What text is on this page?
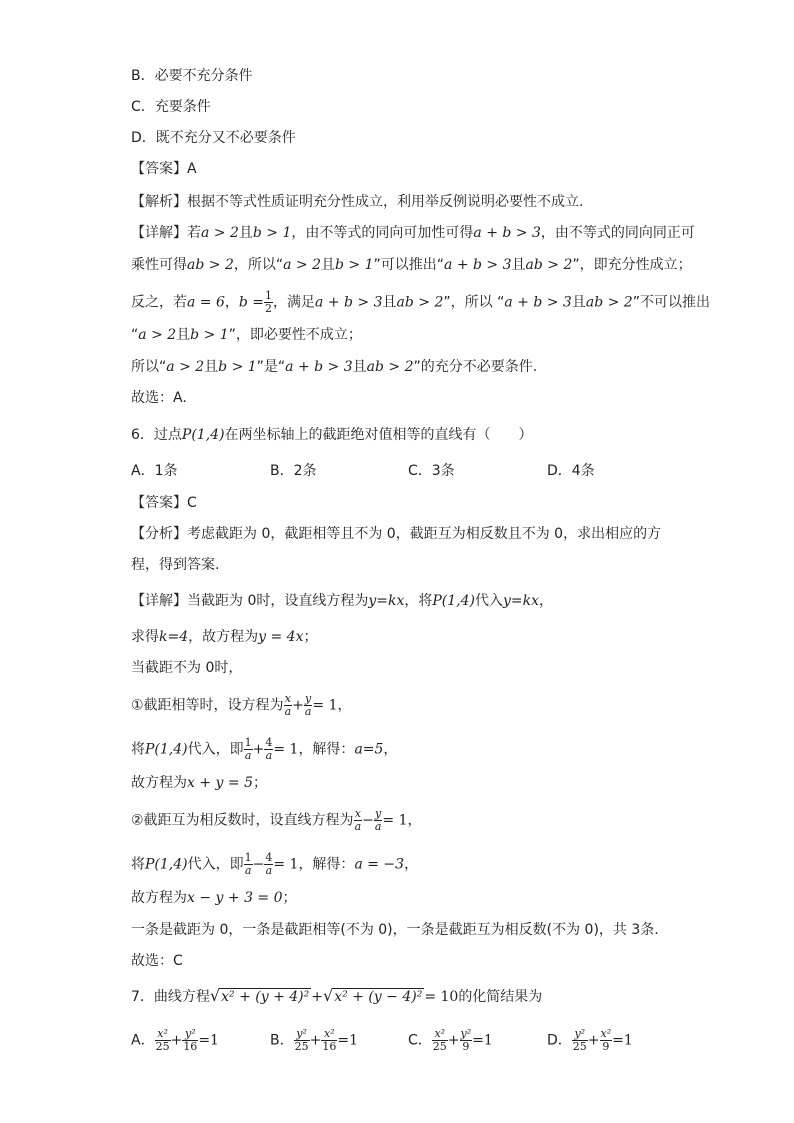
B．必要不充分条件
C．充要条件
D．既不充分又不必要条件
【答案】A
【解析】根据不等式性质证明充分性成立，利用举反例说明必要性不成立.
【详解】若a > 2且b > 1，由不等式的同向可加性可得a + b > 3，由不等式的同向同正可
乘性可得ab > 2，所以“a > 2且b > 1”可以推出“a + b > 3且ab > 2”，即充分性成立；
反之，若a = 6，$b = \frac{1}{2}$ ，满足a + b > 3且ab > 2”，所以 “a + b > 3且ab > 2”不可以推出
“a > 2且b > 1”，即必要性不成立；
所以“a > 2且b > 1”是“a + b > 3且ab > 2”的充分不必要条件.
故选：A.
6．过点P(1,4)在两坐标轴上的截距绝对值相等的直线有（　　）
A．1条	B．2条	C．3条	D．4条
【答案】C
【分析】考虑截距为 0，截距相等且不为 0，截距互为相反数且不为 0，求出相应的方
程，得到答案.
【详解】当截距为 0时，设直线方程为y=kx，将P(1,4)代入y=kx，
求得k=4，故方程为y = 4x；
当截距不为 0时，
①截距相等时，设方程为 $\frac{x}{a} + \frac{y}{a} = 1$，
将P(1,4)代入，即 $\frac{1}{a} + \frac{4}{a} = 1$，解得：a=5，
故方程为x + y = 5；
②截距互为相反数时，设直线方程为 $\frac{x}{a} - \frac{y}{a} = 1$，
将P(1,4)代入，即 $\frac{1}{a} - \frac{4}{a} = 1$，解得：a = −3，
故方程为x − y + 3 = 0；
一条是截距为 0，一条是截距相等(不为 0)，一条是截距互为相反数(不为 0)，共 3条.
故选：C
7．曲线方程√x² + (y + 4)² +√x² + (y − 4)² = 10的化简结果为
A． $\frac{\text{x²}}{25} + \frac{\text{y²}}{16} =1$	B． $\frac{\text{y²}}{25} + \frac{\text{x²}}{16} =1$	C． $\frac{\text{x²}}{25} + \frac{\text{y²}}{9} =1$	D． $\frac{\text{y²}}{25} + \frac{\text{x²}}{9} =1$
